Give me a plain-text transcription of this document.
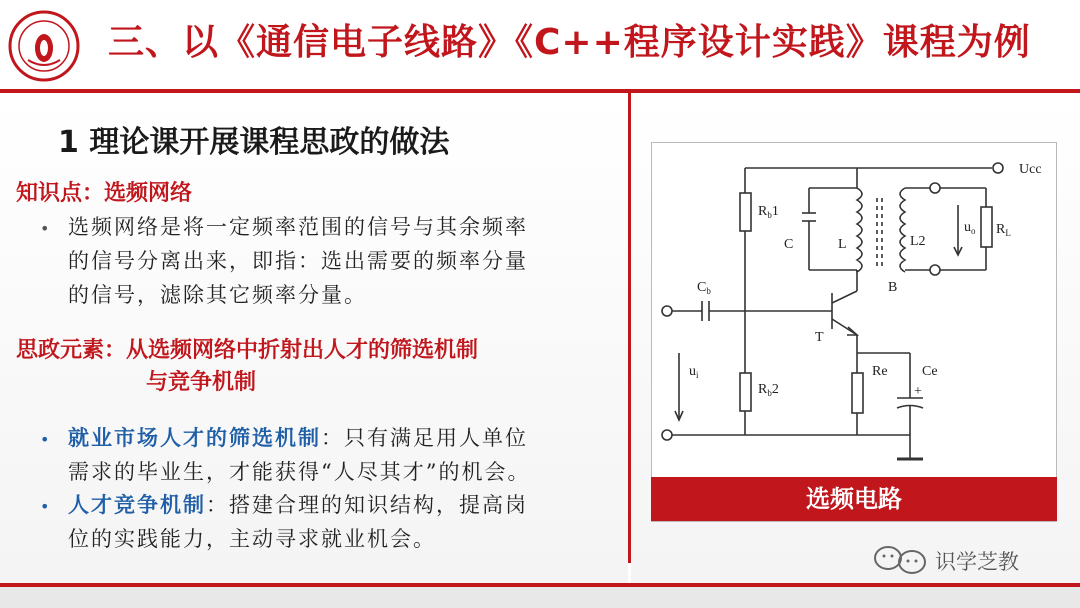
三、以《通信电子线路》《C++程序设计实践》课程为例
1 理论课开展课程思政的做法
知识点：选频网络
• 选频网络是将一定频率范围的信号与其余频率
的信号分离出来，即指：选出需要的频率分量
的信号，滤除其它频率分量。
思政元素：从选频网络中折射出人才的筛选机制
与竞争机制
• 就业市场人才的筛选机制：只有满足用人单位
需求的毕业生，才能获得“人尽其才”的机会。
• 人才竞争机制：搭建合理的知识结构，提高岗
位的实践能力，主动寻求就业机会。
Ucc
$R_b1$
C	L	L2
$u_o$ $R_L$
$C_b$	B
T
$u_i$
$R_b2$
Re Ce
+
选频电路
识学芝教
